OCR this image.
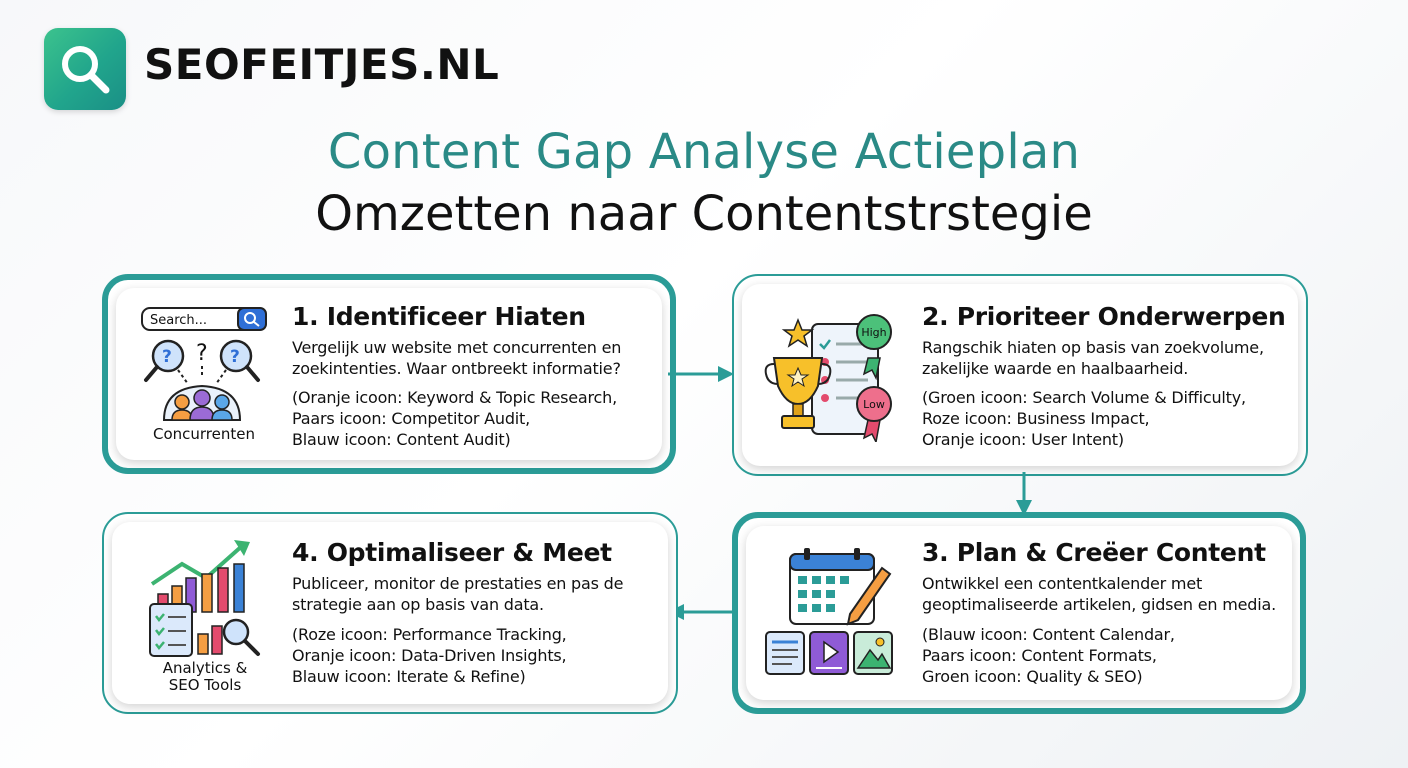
SEOFEITJES.NL
Content Gap Analyse Actieplan
Omzetten naar Contentstrstegie
Search...
?	?
?
Concurrenten
1. Identificeer Hiaten
Vergelijk uw website met concurrenten en
zoekintenties. Waar ontbreekt informatie?
(Oranje icoon: Keyword & Topic Research,
Paars icoon: Competitor Audit,
Blauw icoon: Content Audit)
High
Low
2. Prioriteer Onderwerpen
Rangschik hiaten op basis van zoekvolume,
zakelijke waarde en haalbaarheid.
(Groen icoon: Search Volume & Difficulty,
Roze icoon: Business Impact,
Oranje icoon: User Intent)
3. Plan & Creëer Content
Ontwikkel een contentkalender met
geoptimaliseerde artikelen, gidsen en media.
(Blauw icoon: Content Calendar,
Paars icoon: Content Formats,
Groen icoon: Quality & SEO)
Analytics &
SEO Tools
4. Optimaliseer & Meet
Publiceer, monitor de prestaties en pas de
strategie aan op basis van data.
(Roze icoon: Performance Tracking,
Oranje icoon: Data-Driven Insights,
Blauw icoon: Iterate & Refine)
